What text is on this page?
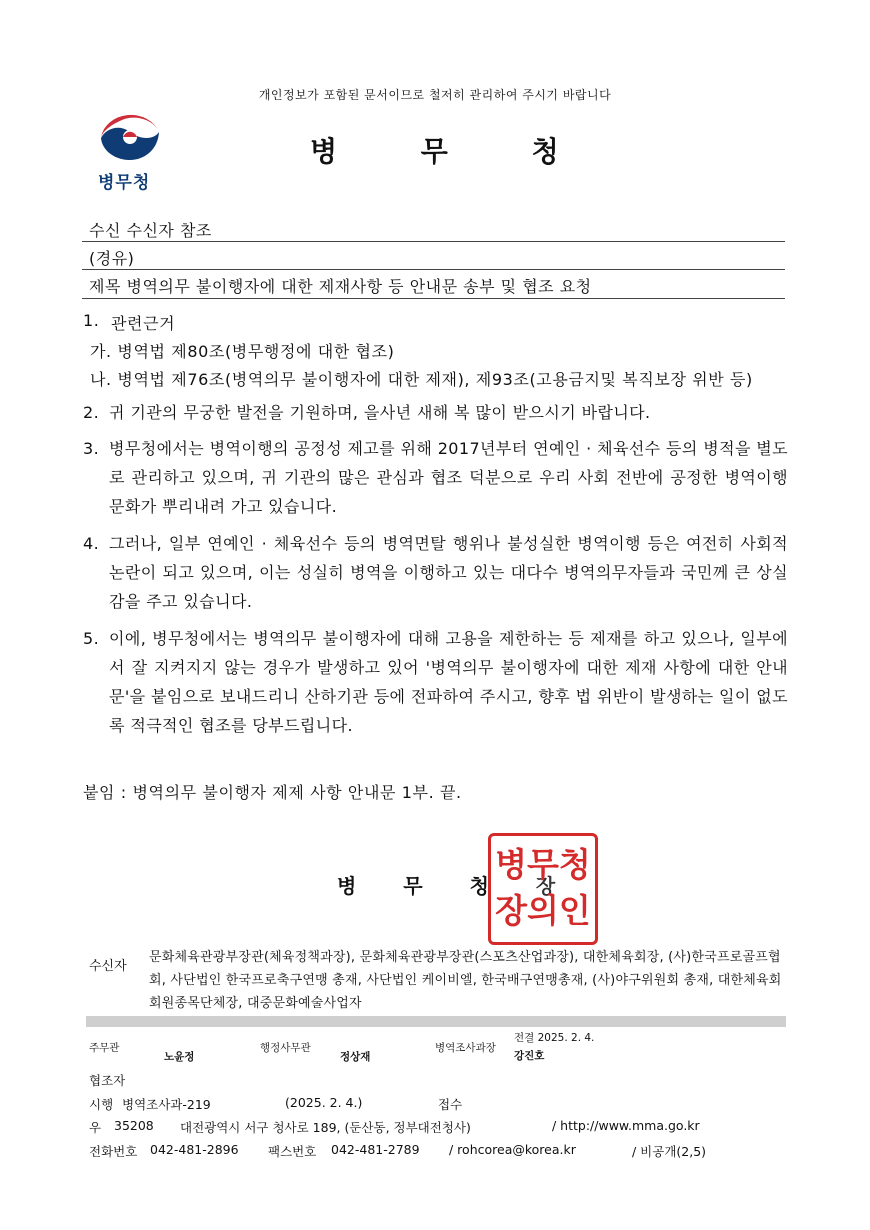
개인정보가 포함된 문서이므로 철저히 관리하여 주시기 바랍니다
병무청
병 무 청
수신 수신자 참조
(경유)
제목 병역의무 불이행자에 대한 제재사항 등 안내문 송부 및 협조 요청
1. 관련근거
가. 병역법 제80조(병무행정에 대한 협조)
나. 병역법 제76조(병역의무 불이행자에 대한 제재), 제93조(고용금지및 복직보장 위반 등)
2. 귀 기관의 무궁한 발전을 기원하며, 을사년 새해 복 많이 받으시기 바랍니다.
3. 병무청에서는 병역이행의 공정성 제고를 위해 2017년부터 연예인 · 체육선수 등의 병적을 별도로 관리하고 있으며, 귀 기관의 많은 관심과 협조 덕분으로 우리 사회 전반에 공정한 병역이행 문화가 뿌리내려 가고 있습니다.
4. 그러나, 일부 연예인 · 체육선수 등의 병역면탈 행위나 불성실한 병역이행 등은 여전히 사회적 논란이 되고 있으며, 이는 성실히 병역을 이행하고 있는 대다수 병역의무자들과 국민께 큰 상실감을 주고 있습니다.
5. 이에, 병무청에서는 병역의무 불이행자에 대해 고용을 제한하는 등 제재를 하고 있으나, 일부에서 잘 지켜지지 않는 경우가 발생하고 있어 '병역의무 불이행자에 대한 제재 사항에 대한 안내문'을 붙임으로 보내드리니 산하기관 등에 전파하여 주시고, 향후 법 위반이 발생하는 일이 없도록 적극적인 협조를 당부드립니다.
붙임 : 병역의무 불이행자 제제 사항 안내문 1부. 끝.
병 무 청 장
병무청
장의인
수신자
문화체육관광부장관(체육정책과장), 문화체육관광부장관(스포츠산업과장), 대한체육회장, (사)한국프로골프협회, 사단법인 한국프로축구연맹 총재, 사단법인 케이비엘, 한국배구연맹총재, (사)야구위원회 총재, 대한체육회 회원종목단체장, 대중문화예술사업자
주무관
노윤정
행정사무관
정상재
병역조사과장
전결 2025. 2. 4.
강진호
협조자
시행 병역조사과-219	(2025. 2. 4.)	접수
우 35208 대전광역시 서구 청사로 189, (둔산동, 정부대전청사)	/ http://www.mma.go.kr
전화번호 042-481-2896 팩스번호 042-481-2789 / rohcorea@korea.kr	/ 비공개(2,5)
